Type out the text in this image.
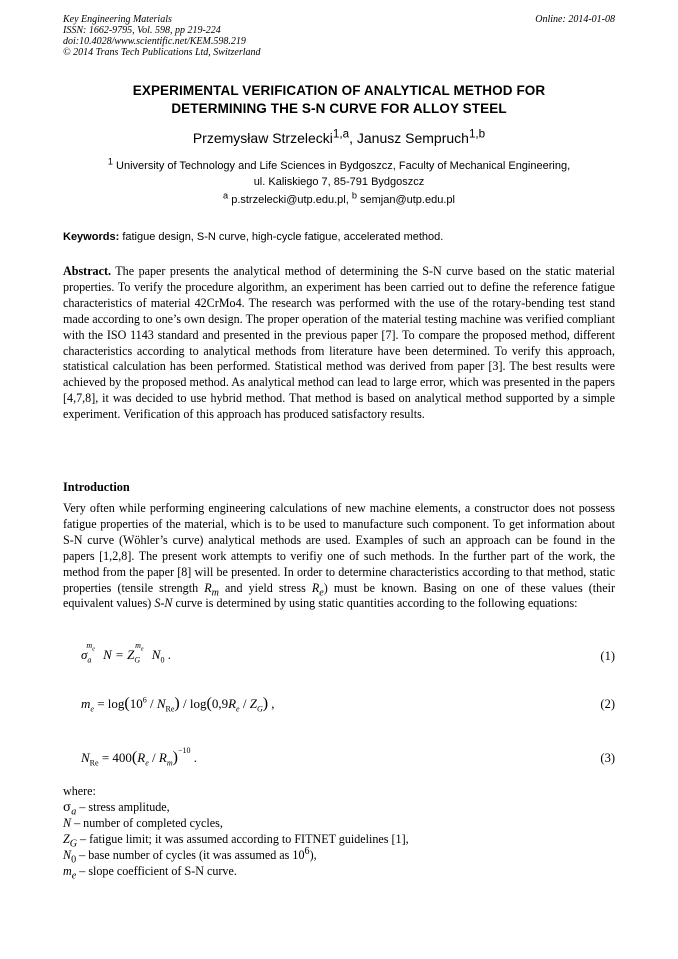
Key Engineering Materials
ISSN: 1662-9795, Vol. 598, pp 219-224
doi:10.4028/www.scientific.net/KEM.598.219
© 2014 Trans Tech Publications Ltd, Switzerland
Online: 2014-01-08
EXPERIMENTAL VERIFICATION OF ANALYTICAL METHOD FOR
DETERMINING THE S-N CURVE FOR ALLOY STEEL
Przemysław Strzelecki$^{1,a}$, Janusz Sempruch$^{1,b}$
$^1$ University of Technology and Life Sciences in Bydgoszcz, Faculty of Mechanical Engineering,
ul. Kaliskiego 7, 85-791 Bydgoszcz
$^a$ p.strzelecki@utp.edu.pl, $^b$ semjan@utp.edu.pl
Keywords: fatigue design, S-N curve, high-cycle fatigue, accelerated method.
Abstract. The paper presents the analytical method of determining the S-N curve based on the static material properties. To verify the procedure algorithm, an experiment has been carried out to define the reference fatigue characteristics of material 42CrMo4. The research was performed with the use of the rotary-bending test stand made according to one’s own design. The proper operation of the material testing machine was verified compliant with the ISO 1143 standard and presented in the previous paper [7]. To compare the proposed method, different characteristics according to analytical methods from literature have been determined. To verify this approach, statistical calculation has been performed. Statistical method was derived from paper [3]. The best results were achieved by the proposed method. As analytical method can lead to large error, which was presented in the papers [4,7,8], it was decided to use hybrid method. That method is based on analytical method supported by a simple experiment. Verification of this approach has produced satisfactory results.
Introduction
Very often while performing engineering calculations of new machine elements, a constructor does not possess fatigue properties of the material, which is to be used to manufacture such component. To get information about S-N curve (Wöhler’s curve) analytical methods are used. Examples of such an approach can be found in the papers [1,2,8]. The present work attempts to verifiy one of such methods. In the further part of the work, the method from the paper [8] will be presented. In order to determine characteristics according to that method, static properties (tensile strength $R_m$ and yield stress $R_e$) must be known. Basing on one of these values (their equivalent values) S-N curve is determined by using static quantities according to the following equations:
$\sigma_a^{m_e}$ $N = Z_G^{m_e}$ $N_0$ .	(1)
$m_e = \log(10^6 / N_{Re}) / \log(0,9R_e / Z_G)$ ,	(2)
$N_{Re} = 400(R_e / R_m)^{-10}$ .	(3)
where:
$\sigma_a$ – stress amplitude,
N – number of completed cycles,
$Z_G$ – fatigue limit; it was assumed according to FITNET guidelines [1],
$N_0$ – base number of cycles (it was assumed as $10^6$),
$m_e$ – slope coefficient of S-N curve.
